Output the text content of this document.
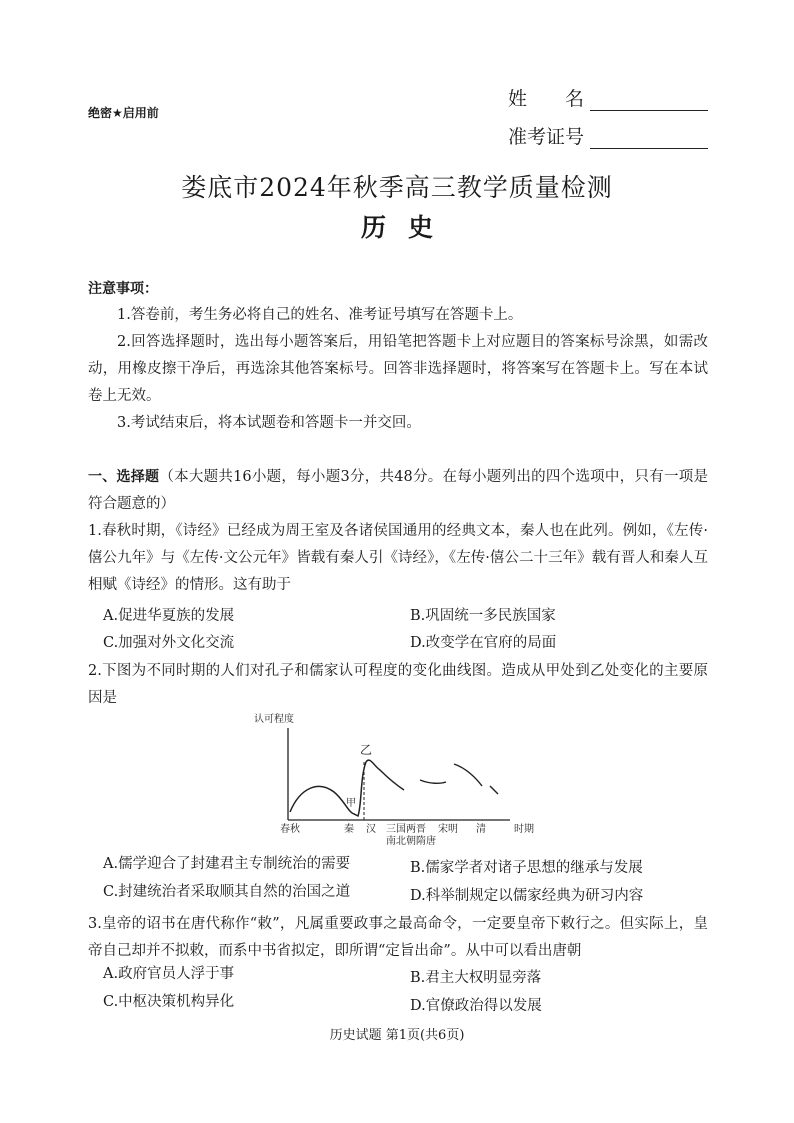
绝密★启用前
姓　　名
准考证号
娄底市2024年秋季高三教学质量检测
历史
注意事项：
1.答卷前，考生务必将自己的姓名、准考证号填写在答题卡上。
2.回答选择题时，选出每小题答案后，用铅笔把答题卡上对应题目的答案标号涂黑，如需改动，用橡皮擦干净后，再选涂其他答案标号。回答非选择题时，将答案写在答题卡上。写在本试卷上无效。
3.考试结束后，将本试题卷和答题卡一并交回。
一、选择题（本大题共16小题，每小题3分，共48分。在每小题列出的四个选项中，只有一项是符合题意的）
1.春秋时期，《诗经》已经成为周王室及各诸侯国通用的经典文本，秦人也在此列。例如，《左传·僖公九年》与《左传·文公元年》皆载有秦人引《诗经》，《左传·僖公二十三年》载有晋人和秦人互相赋《诗经》的情形。这有助于
A.促进华夏族的发展	B.巩固统一多民族国家
C.加强对外文化交流	D.改变学在官府的局面
2.下图为不同时期的人们对孔子和儒家认可程度的变化曲线图。造成从甲处到乙处变化的主要原因是
认可程度
时期
甲
乙
春秋	秦 汉 三国两晋 宋明 清
南北朝隋唐
A.儒学迎合了封建君主专制统治的需要	B.儒家学者对诸子思想的继承与发展
C.封建统治者采取顺其自然的治国之道	D.科举制规定以儒家经典为研习内容
3.皇帝的诏书在唐代称作“敕”，凡属重要政事之最高命令，一定要皇帝下敕行之。但实际上，皇帝自己却并不拟敕，而系中书省拟定，即所谓“定旨出命”。从中可以看出唐朝
A.政府官员人浮于事	B.君主大权明显旁落
C.中枢决策机构异化	D.官僚政治得以发展
历史试题 第1页(共6页)
